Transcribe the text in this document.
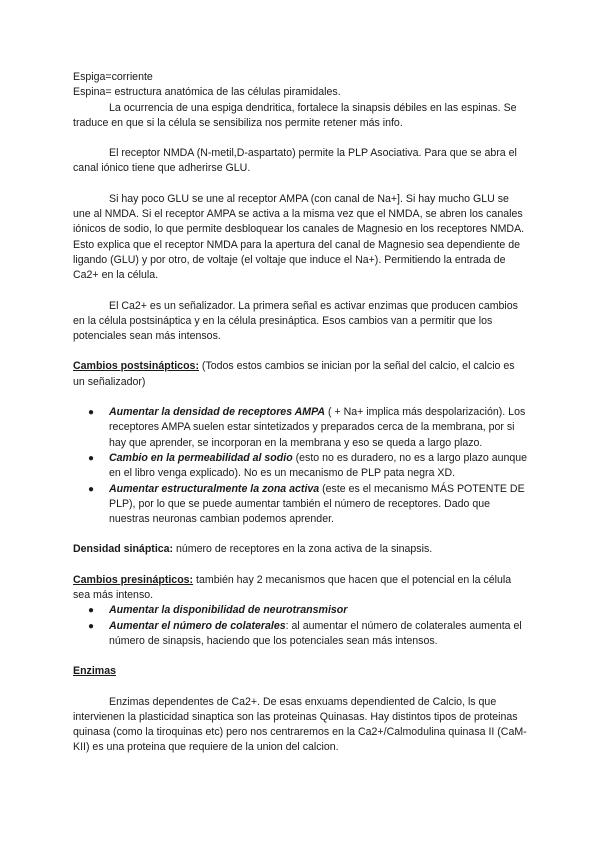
Espiga=corriente

Espina= estructura anatómica de las células piramidales.

La ocurrencia de una espiga dendritica, fortalece la sinapsis débiles en las espinas. Se traduce en que si la célula se sensibiliza nos permite retener más info.

El receptor NMDA (N-metil,D-aspartato) permite la PLP Asociativa. Para que se abra el canal iónico tiene que adherirse GLU.

Si hay poco GLU se une al receptor AMPA (con canal de Na+]. Si hay mucho GLU se une al NMDA. Si el receptor AMPA se activa a la misma vez que el NMDA, se abren los canales iónicos de sodio, lo que permite desbloquear los canales de Magnesio en los receptores NMDA. Esto explica que el receptor NMDA para la apertura del canal de Magnesio sea dependiente de ligando (GLU) y por otro, de voltaje (el voltaje que induce el Na+). Permitiendo la entrada de Ca2+ en la célula.

El Ca2+ es un señalizador. La primera señal es activar enzimas que producen cambios en la célula postsináptica y en la célula presináptica. Esos cambios van a permitir que los potenciales sean más intensos.

Cambios postsinápticos: (Todos estos cambios se inician por la señal del calcio, el calcio es un señalizador)

● Aumentar la densidad de receptores AMPA ( + Na+ implica más despolarización). Los receptores AMPA suelen estar sintetizados y preparados cerca de la membrana, por si hay que aprender, se incorporan en la membrana y eso se queda a largo plazo.
● Cambio en la permeabilidad al sodio (esto no es duradero, no es a largo plazo aunque en el libro venga explicado). No es un mecanismo de PLP pata negra XD.
● Aumentar estructuralmente la zona activa (este es el mecanismo MÁS POTENTE DE PLP), por lo que se puede aumentar también el número de receptores. Dado que nuestras neuronas cambian podemos aprender.

Densidad sináptica: número de receptores en la zona activa de la sinapsis.

Cambios presinápticos: también hay 2 mecanismos que hacen que el potencial en la célula sea más intenso.

● Aumentar la disponibilidad de neurotransmisor
● Aumentar el número de colaterales: al aumentar el número de colaterales aumenta el número de sinapsis, haciendo que los potenciales sean más intensos.

Enzimas

Enzimas dependentes de Ca2+. De esas enxuams dependiented de Calcio, ls que intervienen la plasticidad sinaptica son las proteinas Quinasas. Hay distintos tipos de proteinas quinasa (como la tiroquinas etc) pero nos centraremos en la Ca2+/Calmodulina quinasa II (CaM-KII) es una proteina que requiere de la union del calcion.
